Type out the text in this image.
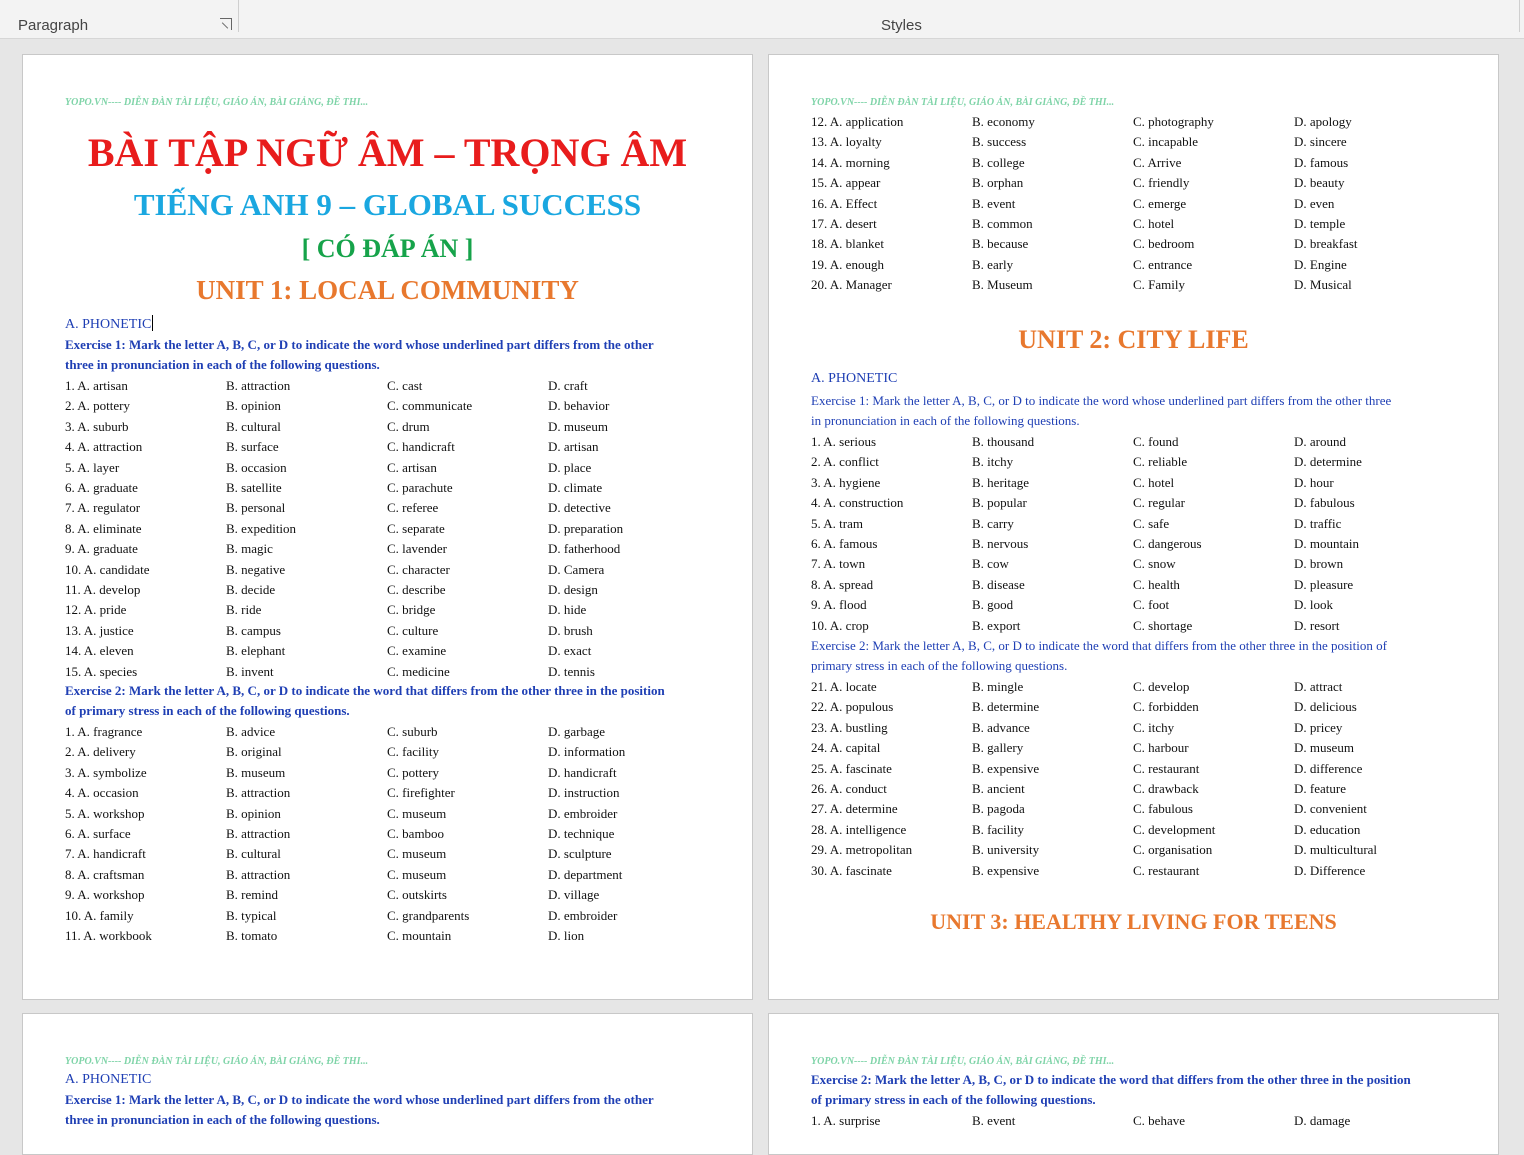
Paragraph	Styles
YOPO.VN---- DIỄN ĐÀN TÀI LIỆU, GIÁO ÁN, BÀI GIẢNG, ĐỀ THI...
BÀI TẬP NGỮ ÂM – TRỌNG ÂM
TIẾNG ANH 9 – GLOBAL SUCCESS
[ CÓ ĐÁP ÁN ]
UNIT 1: LOCAL COMMUNITY
A. PHONETIC
Exercise 1: Mark the letter A, B, C, or D to indicate the word whose underlined part differs from the other
three in pronunciation in each of the following questions.
1. A. artisan	B. attraction	C. cast	D. craft
2. A. pottery	B. opinion	C. communicate	D. behavior
3. A. suburb	B. cultural	C. drum	D. museum
4. A. attraction	B. surface	C. handicraft	D. artisan
5. A. layer	B. occasion	C. artisan	D. place
6. A. graduate	B. satellite	C. parachute	D. climate
7. A. regulator	B. personal	C. referee	D. detective
8. A. eliminate	B. expedition	C. separate	D. preparation
9. A. graduate	B. magic	C. lavender	D. fatherhood
10. A. candidate	B. negative	C. character	D. Camera
11. A. develop	B. decide	C. describe	D. design
12. A. pride	B. ride	C. bridge	D. hide
13. A. justice	B. campus	C. culture	D. brush
14. A. eleven	B. elephant	C. examine	D. exact
15. A. species	B. invent	C. medicine	D. tennis
Exercise 2: Mark the letter A, B, C, or D to indicate the word that differs from the other three in the position
of primary stress in each of the following questions.
1. A. fragrance	B. advice	C. suburb	D. garbage
2. A. delivery	B. original	C. facility	D. information
3. A. symbolize	B. museum	C. pottery	D. handicraft
4. A. occasion	B. attraction	C. firefighter	D. instruction
5. A. workshop	B. opinion	C. museum	D. embroider
6. A. surface	B. attraction	C. bamboo	D. technique
7. A. handicraft	B. cultural	C. museum	D. sculpture
8. A. craftsman	B. attraction	C. museum	D. department
9. A. workshop	B. remind	C. outskirts	D. village
10. A. family	B. typical	C. grandparents	D. embroider
11. A. workbook	B. tomato	C. mountain	D. lion
YOPO.VN---- DIỄN ĐÀN TÀI LIỆU, GIÁO ÁN, BÀI GIẢNG, ĐỀ THI...
12. A. application	B. economy	C. photography	D. apology
13. A. loyalty	B. success	C. incapable	D. sincere
14. A. morning	B. college	C. Arrive	D. famous
15. A. appear	B. orphan	C. friendly	D. beauty
16. A. Effect	B. event	C. emerge	D. even
17. A. desert	B. common	C. hotel	D. temple
18. A. blanket	B. because	C. bedroom	D. breakfast
19. A. enough	B. early	C. entrance	D. Engine
20. A. Manager	B. Museum	C. Family	D. Musical
UNIT 2: CITY LIFE
A. PHONETIC
Exercise 1: Mark the letter A, B, C, or D to indicate the word whose underlined part differs from the other three
in pronunciation in each of the following questions.
1. A. serious	B. thousand	C. found	D. around
2. A. conflict	B. itchy	C. reliable	D. determine
3. A. hygiene	B. heritage	C. hotel	D. hour
4. A. construction	B. popular	C. regular	D. fabulous
5. A. tram	B. carry	C. safe	D. traffic
6. A. famous	B. nervous	C. dangerous	D. mountain
7. A. town	B. cow	C. snow	D. brown
8. A. spread	B. disease	C. health	D. pleasure
9. A. flood	B. good	C. foot	D. look
10. A. crop	B. export	C. shortage	D. resort
Exercise 2: Mark the letter A, B, C, or D to indicate the word that differs from the other three in the position of
primary stress in each of the following questions.
21. A. locate	B. mingle	C. develop	D. attract
22. A. populous	B. determine	C. forbidden	D. delicious
23. A. bustling	B. advance	C. itchy	D. pricey
24. A. capital	B. gallery	C. harbour	D. museum
25. A. fascinate	B. expensive	C. restaurant	D. difference
26. A. conduct	B. ancient	C. drawback	D. feature
27. A. determine	B. pagoda	C. fabulous	D. convenient
28. A. intelligence	B. facility	C. development	D. education
29. A. metropolitan	B. university	C. organisation	D. multicultural
30. A. fascinate	B. expensive	C. restaurant	D. Difference
UNIT 3: HEALTHY LIVING FOR TEENS
YOPO.VN---- DIỄN ĐÀN TÀI LIỆU, GIÁO ÁN, BÀI GIẢNG, ĐỀ THI...
A. PHONETIC
Exercise 1: Mark the letter A, B, C, or D to indicate the word whose underlined part differs from the other
three in pronunciation in each of the following questions.
YOPO.VN---- DIỄN ĐÀN TÀI LIỆU, GIÁO ÁN, BÀI GIẢNG, ĐỀ THI...
Exercise 2: Mark the letter A, B, C, or D to indicate the word that differs from the other three in the position
of primary stress in each of the following questions.
1. A. surprise	B. event	C. behave	D. damage
